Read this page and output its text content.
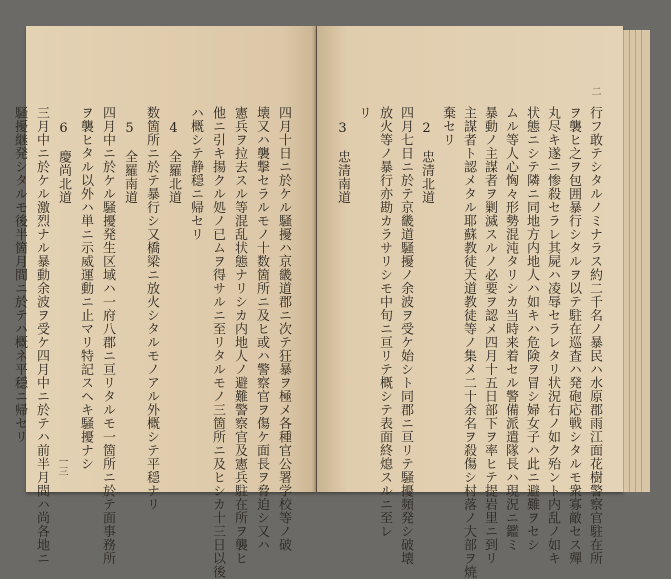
四月十日ニ於ケル騒擾ハ京畿道郡ニ次テ狂暴ヲ極メ各種官公署学校等ノ破
壊又ハ襲撃セラルモノ十数箇所ニ及ヒ或ハ警察官ヲ傷ケ面長ヲ脅迫シ又ハ
憲兵ヲ拉去スル等混乱状態ナリシカ内地人ノ避難警察官及憲兵駐在所ヲ襲ヒ
他ニ引キ揚クル処ノ已ムヲ得サルニ至リタルモノ三箇所ニ及ヒシカ十三日以後
ハ概シテ静穏ニ帰セリ
4　全羅北道
数箇所ニ於テ暴行シ又橋梁ニ放火シタルモノアル外概シテ平穏ナリ
5　全羅南道
四月中ニ於ケル騒擾発生区域ハ一府八郡ニ亘リタルモ一箇所ニ於テ面事務所
ヲ襲ヒタル以外ハ単ニ示威運動ニ止マリ特記スヘキ騒擾ナシ
6　慶尚北道
三月中ニ於ケル激烈ナル暴動余波ヲ受ケ四月中ニ於テハ前半月間ハ尚各地ニ
騒擾継発シタルモ後半箇月間ニ於テハ概ネ平穏ニ帰セリ
一三	行フ敢テシタルノミナラス約二千名ノ暴民ハ水原郡雨江面花樹警察官駐在所
ヲ襲ヒ之ヲ包囲暴行シタルヲ以テ駐在巡査ハ発砲応戦シタルモ衆寡敵セス殫
丸尽キ遂ニ惨殺セラレ其屍ハ凌辱セラレタリ状況右ノ如ク殆ント内乱ノ如キ
状態ニシテ隣ニ同地方内地人ハ如キハ危険ヲ冒シ婦女子ハ此ニ避難ヲセシ
ムル等人心恟々形勢混沌タリシカ当時来着セル警備派遣隊長ハ現況ニ鑑ミ
暴動ノ主謀者ヲ剿滅スルノ必要ヲ認メ四月十五日部下ヲ率ヒテ提岩里ニ到リ
主謀者ト認メタル耶蘇教徒天道教徒等ノ集メ二十余名ヲ殺傷シ村落ノ大部ヲ焼
棄セリ
2　忠清北道
四月七日ニ於テ京畿道騒擾ノ余波ヲ受ケ始シト同郡ニ亘リテ騒擾頻発シ破壊
放火等ノ暴行亦勘カラサリシモ中旬ニ亘リテ概シテ表面終熄スルニ至レ
リ
3　忠清南道
二
